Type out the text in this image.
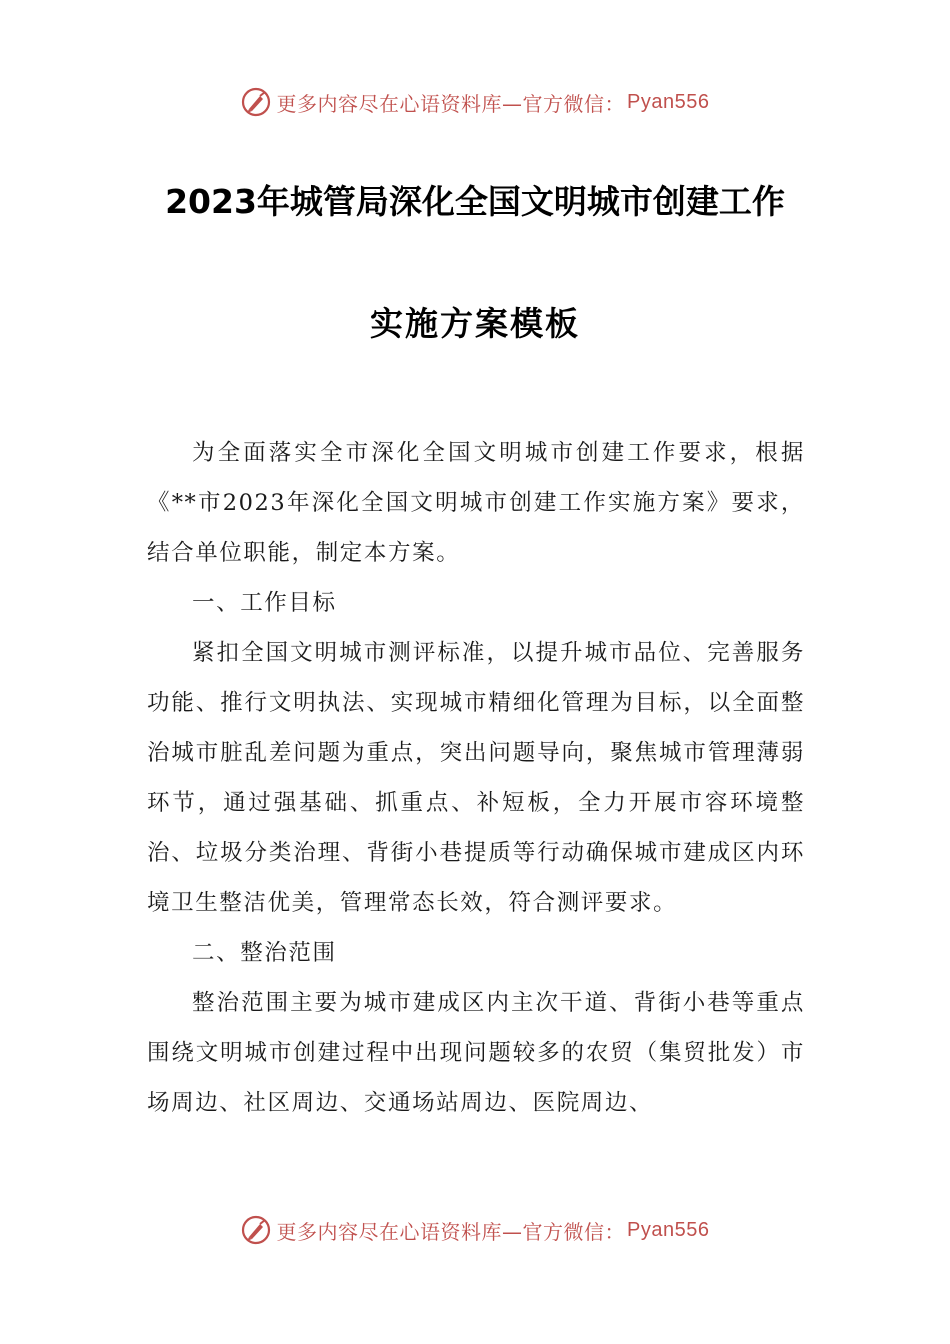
更多内容尽在心语资料库—官方微信： Pyan556
2023年城管局深化全国文明城市创建工作
实施方案模板

为全面落实全市深化全国文明城市创建工作要求，根据《**市2023年深化全国文明城市创建工作实施方案》要求，结合单位职能，制定本方案。

一、工作目标

紧扣全国文明城市测评标准，以提升城市品位、完善服务功能、推行文明执法、实现城市精细化管理为目标，以全面整治城市脏乱差问题为重点，突出问题导向，聚焦城市管理薄弱环节，通过强基础、抓重点、补短板，全力开展市容环境整治、垃圾分类治理、背街小巷提质等行动确保城市建成区内环境卫生整洁优美，管理常态长效，符合测评要求。

二、整治范围

整治范围主要为城市建成区内主次干道、背街小巷等重点围绕文明城市创建过程中出现问题较多的农贸（集贸批发）市场周边、社区周边、交通场站周边、医院周边、

更多内容尽在心语资料库—官方微信： Pyan556
